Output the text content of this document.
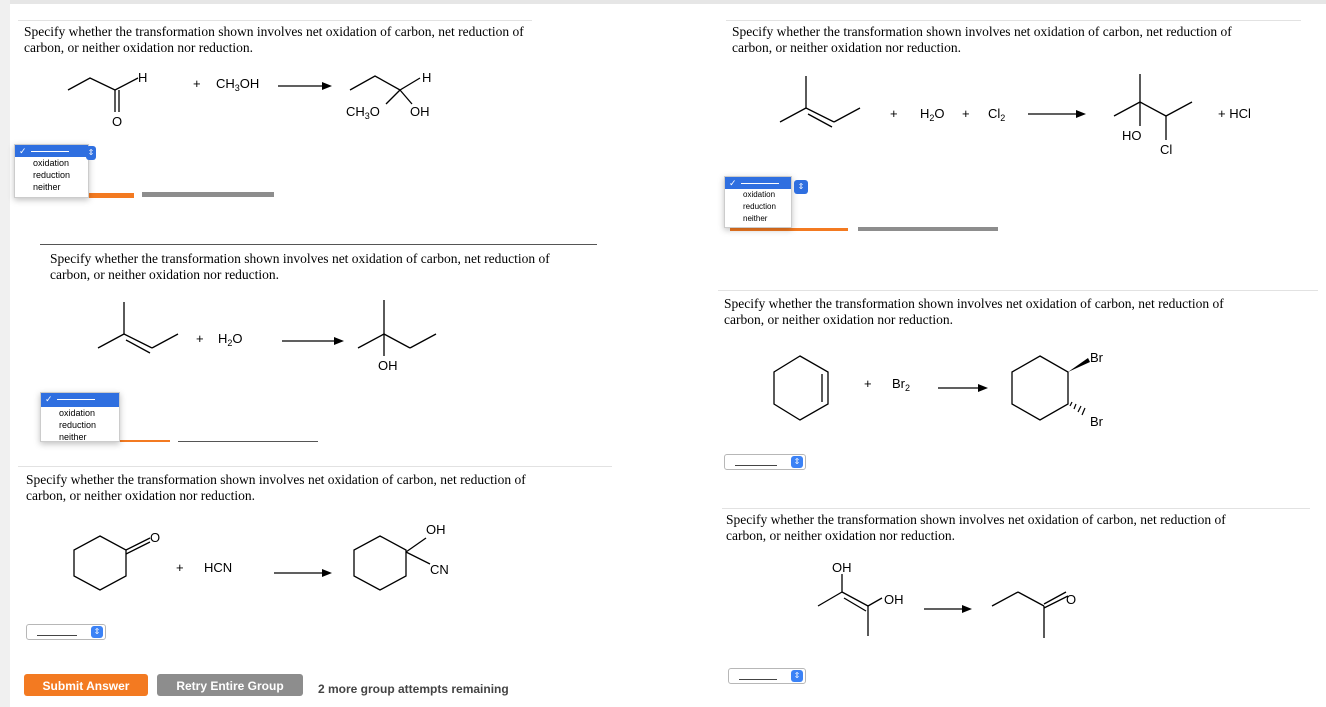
Specify whether the transformation shown involves net oxidation of carbon, net reduction of
carbon, or neither oxidation nor reduction.
O
H	+ $CH_3OH$	H
$CH_3O$ OH
✓
oxidation
reduction
neither
⇕
Specify whether the transformation shown involves net oxidation of carbon, net reduction of
carbon, or neither oxidation nor reduction.
+ $H_2O$
OH
✓
oxidation
reduction
neither
Specify whether the transformation shown involves net oxidation of carbon, net reduction of
carbon, or neither oxidation nor reduction.
O
+ HCN
OH
CN
⇕
Submit Answer	Retry Entire Group	2 more group attempts remaining
Specify whether the transformation shown involves net oxidation of carbon, net reduction of
carbon, or neither oxidation nor reduction.
+ $H_2O + Cl_2$
HO
Cl
+ HCl
✓
oxidation
reduction
neither
⇕
Specify whether the transformation shown involves net oxidation of carbon, net reduction of
carbon, or neither oxidation nor reduction.
+ $Br_2$
Br
Br
⇕
Specify whether the transformation shown involves net oxidation of carbon, net reduction of
carbon, or neither oxidation nor reduction.
OH
OH	O
⇕
